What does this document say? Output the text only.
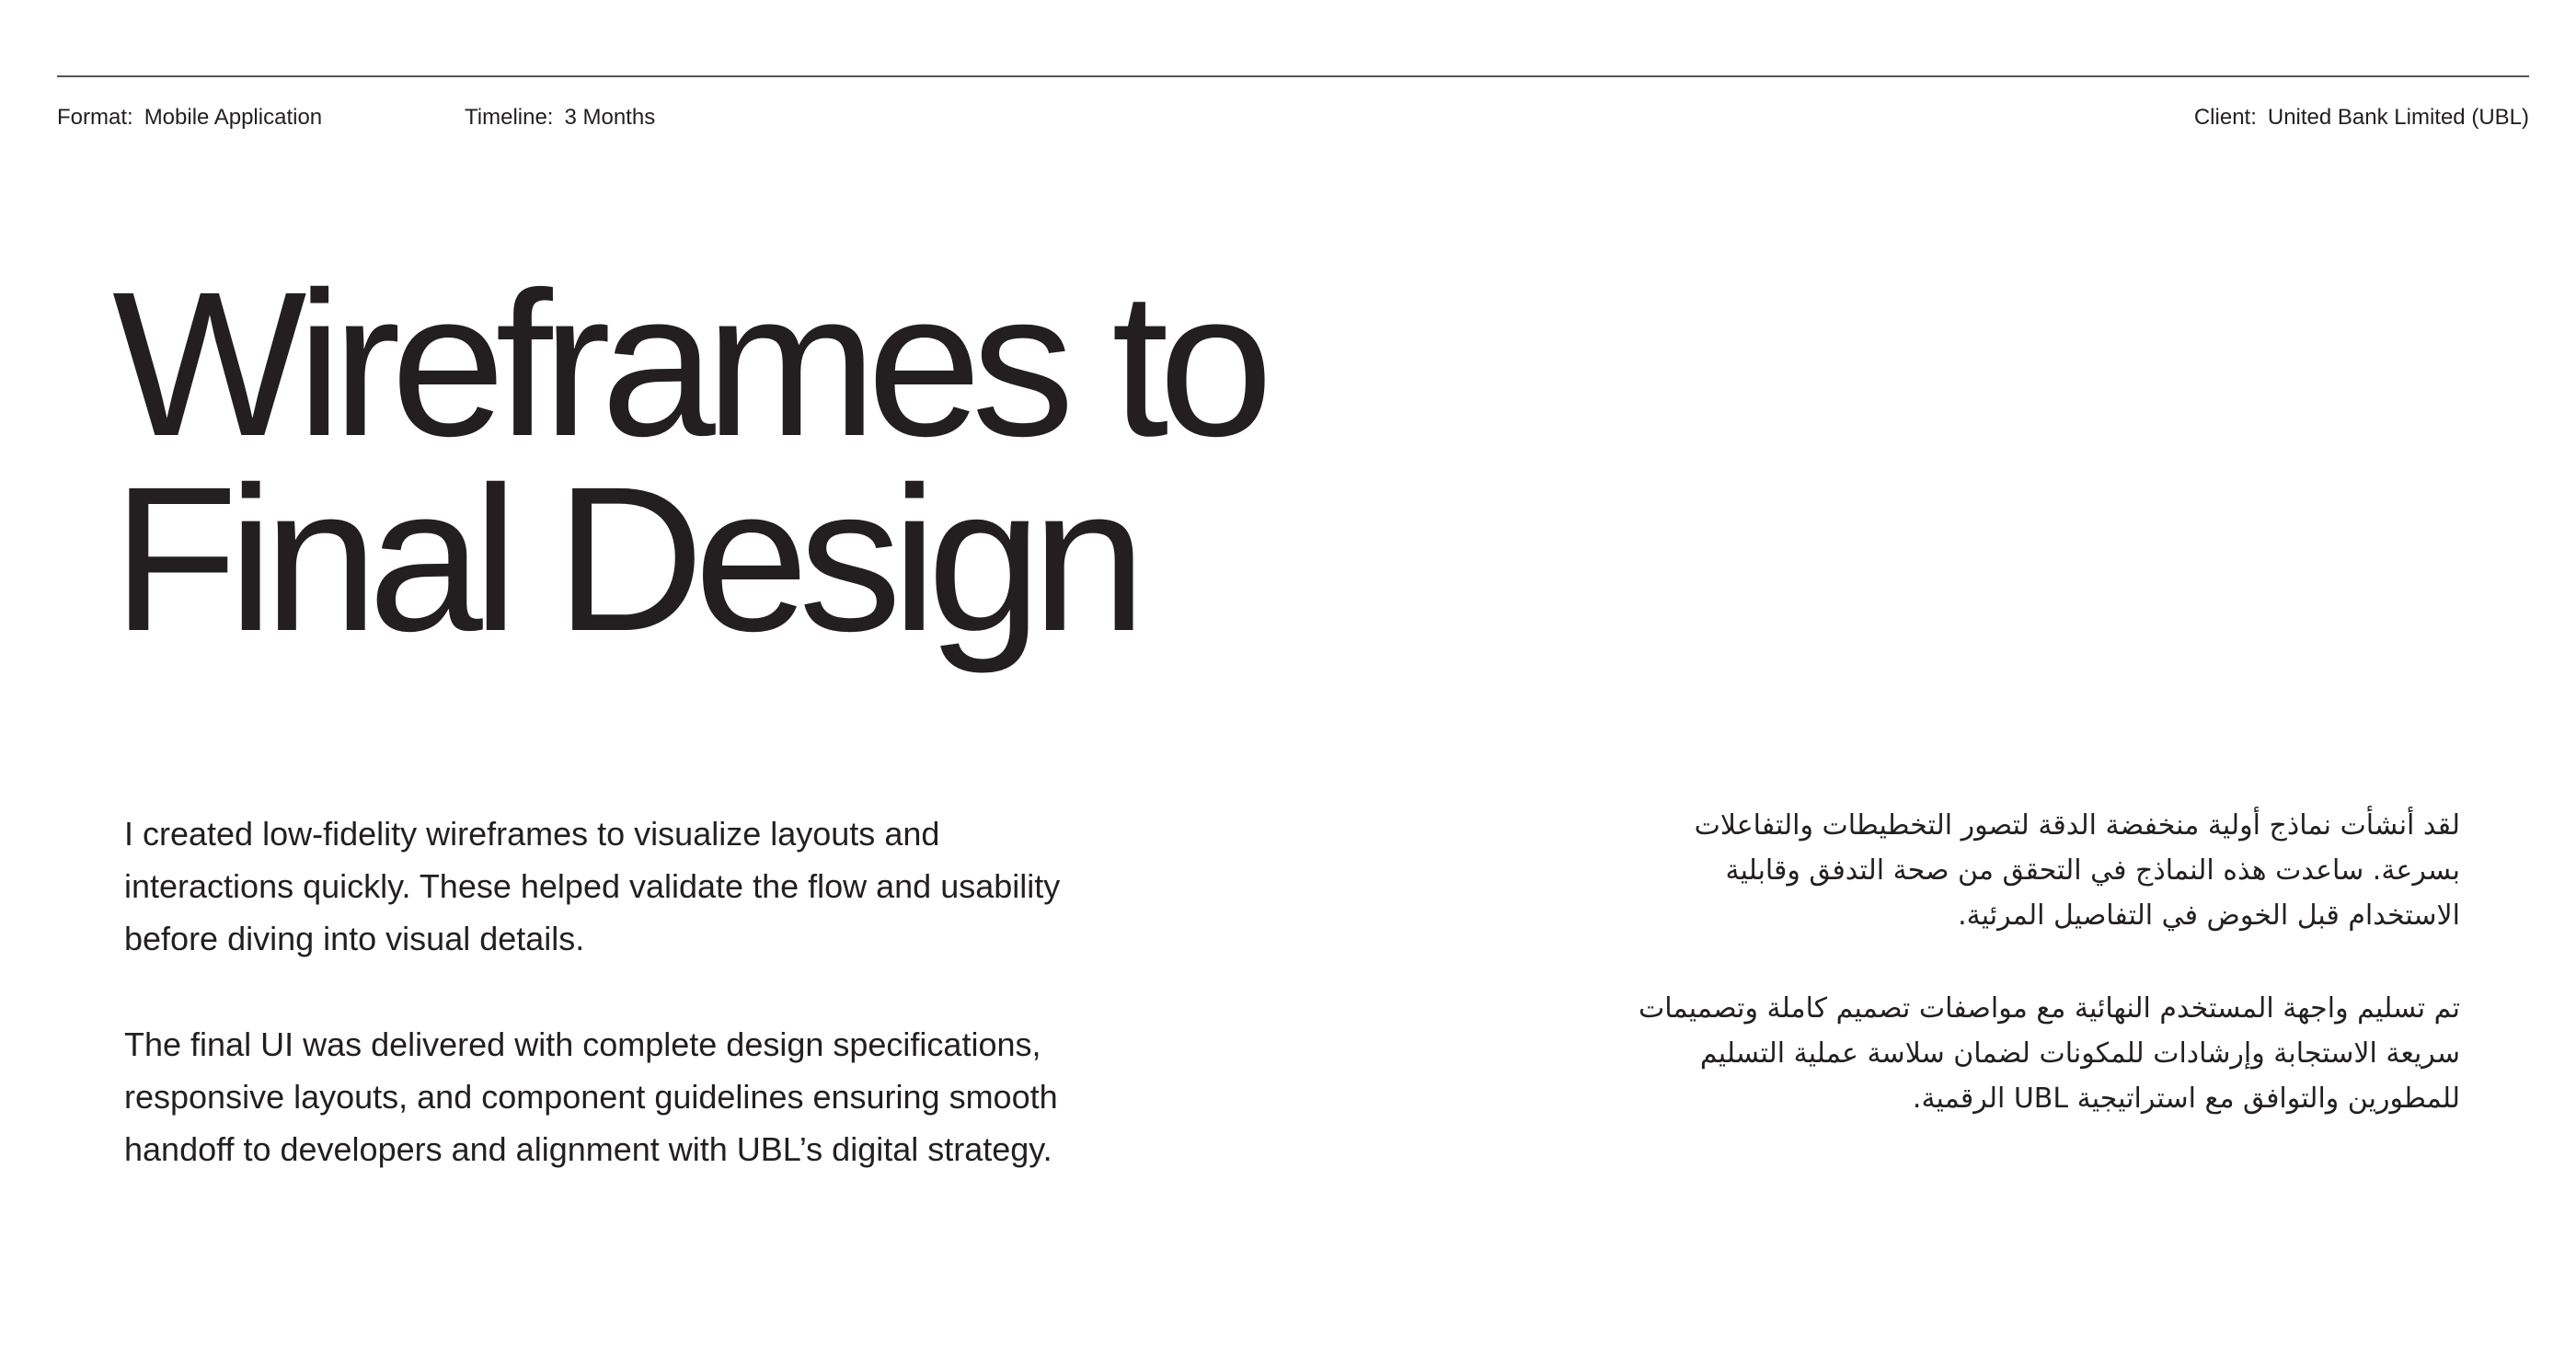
Format: Mobile Application	Timeline: 3 Months	Client: United Bank Limited (UBL)
Wireframes to
Final Design

I created low-fidelity wireframes to visualize layouts and interactions quickly. These helped validate the flow and usability before diving into visual details.

The final UI was delivered with complete design specifications, responsive layouts, and component guidelines ensuring smooth handoff to developers and alignment with UBL’s digital strategy.

لقد أنشأت نماذج أولية منخفضة الدقة لتصور التخطيطات والتفاعلات بسرعة. ساعدت هذه النماذج في التحقق من صحة التدفق وقابلية الاستخدام قبل الخوض في التفاصيل المرئية.

تم تسليم واجهة المستخدم النهائية مع مواصفات تصميم كاملة وتصميمات سريعة الاستجابة وإرشادات للمكونات لضمان سلاسة عملية التسليم للمطورين والتوافق مع استراتيجية UBL الرقمية.
